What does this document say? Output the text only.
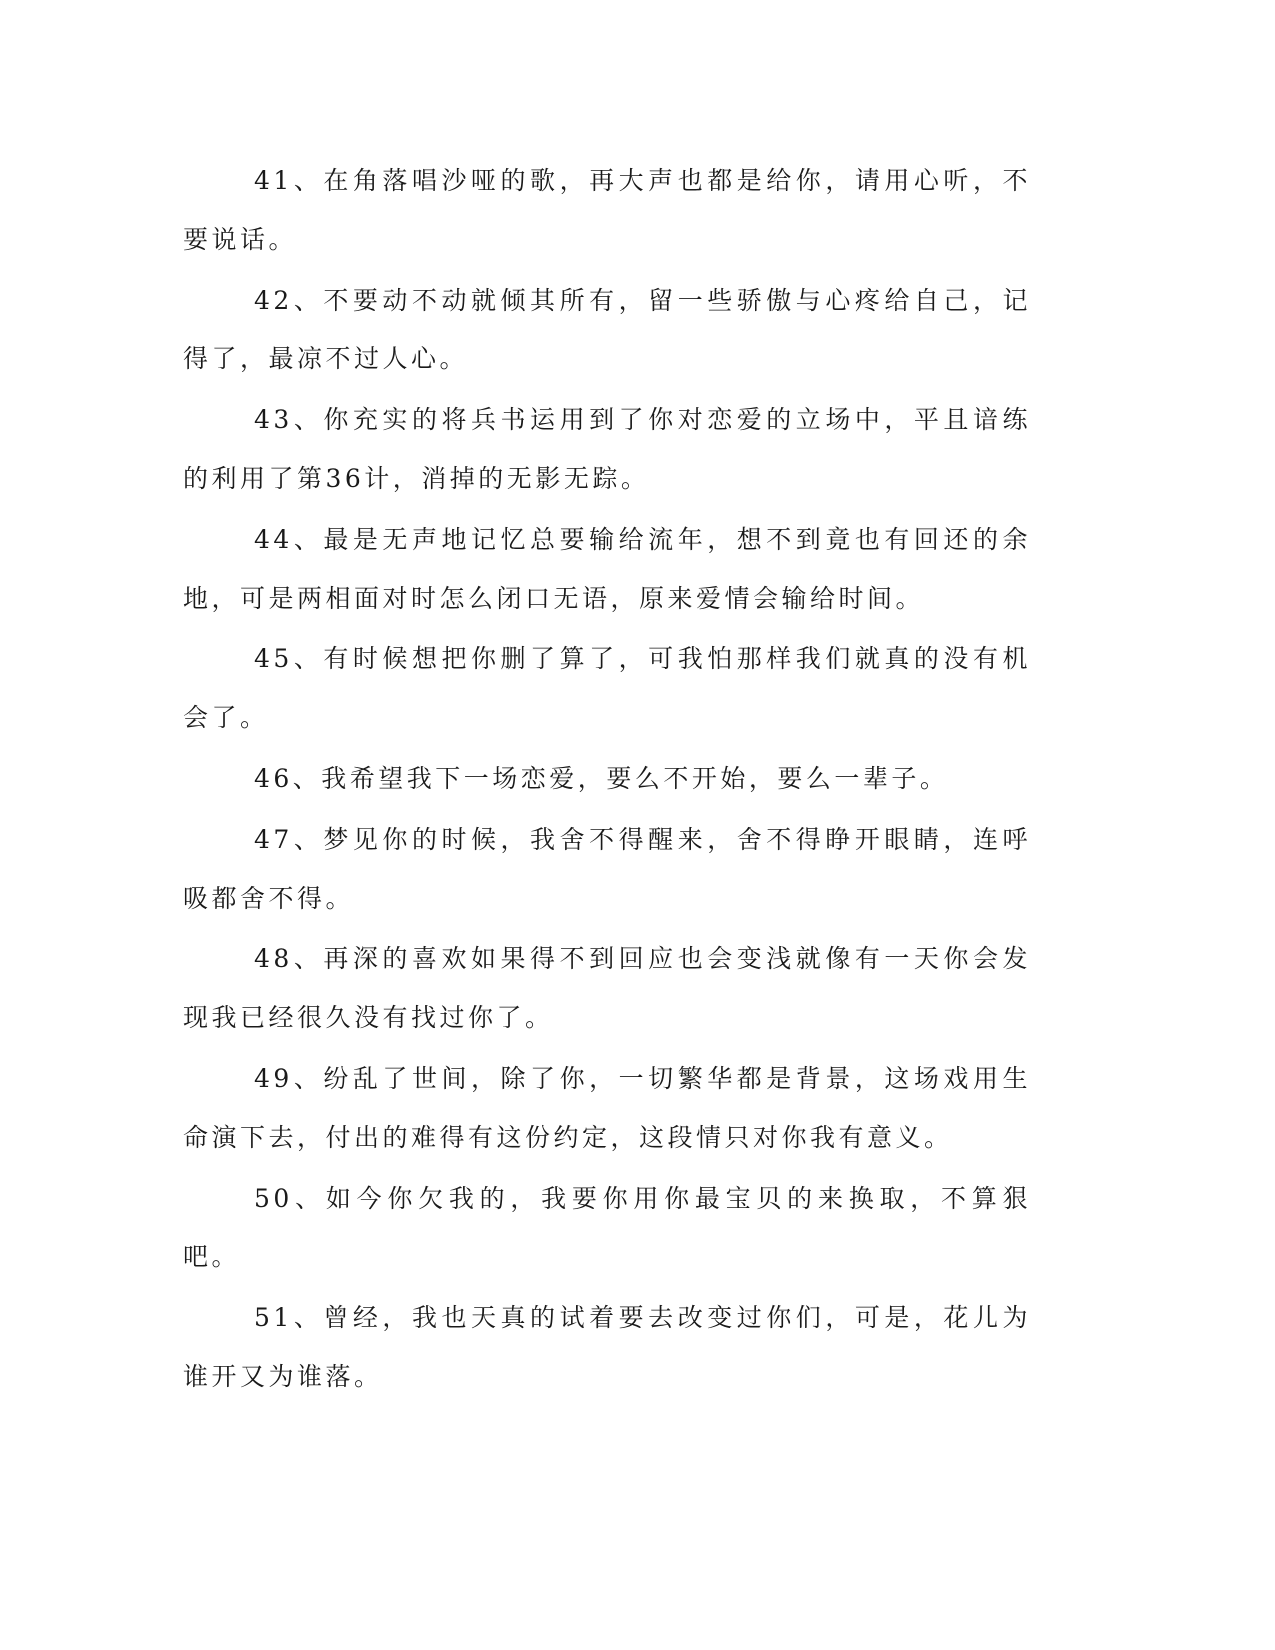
41、在角落唱沙哑的歌，再大声也都是给你，请用心听，不要说话。

42、不要动不动就倾其所有，留一些骄傲与心疼给自己，记得了，最凉不过人心。

43、你充实的将兵书运用到了你对恋爱的立场中，平且谙练的利用了第36计，消掉的无影无踪。

44、最是无声地记忆总要输给流年，想不到竟也有回还的余地，可是两相面对时怎么闭口无语，原来爱情会输给时间。

45、有时候想把你删了算了，可我怕那样我们就真的没有机会了。

46、我希望我下一场恋爱，要么不开始，要么一辈子。

47、梦见你的时候，我舍不得醒来，舍不得睁开眼睛，连呼吸都舍不得。

48、再深的喜欢如果得不到回应也会变浅就像有一天你会发现我已经很久没有找过你了。

49、纷乱了世间，除了你，一切繁华都是背景，这场戏用生命演下去，付出的难得有这份约定，这段情只对你我有意义。

50、如今你欠我的，我要你用你最宝贝的来换取，不算狠吧。

51、曾经，我也天真的试着要去改变过你们，可是，花儿为谁开又为谁落。
